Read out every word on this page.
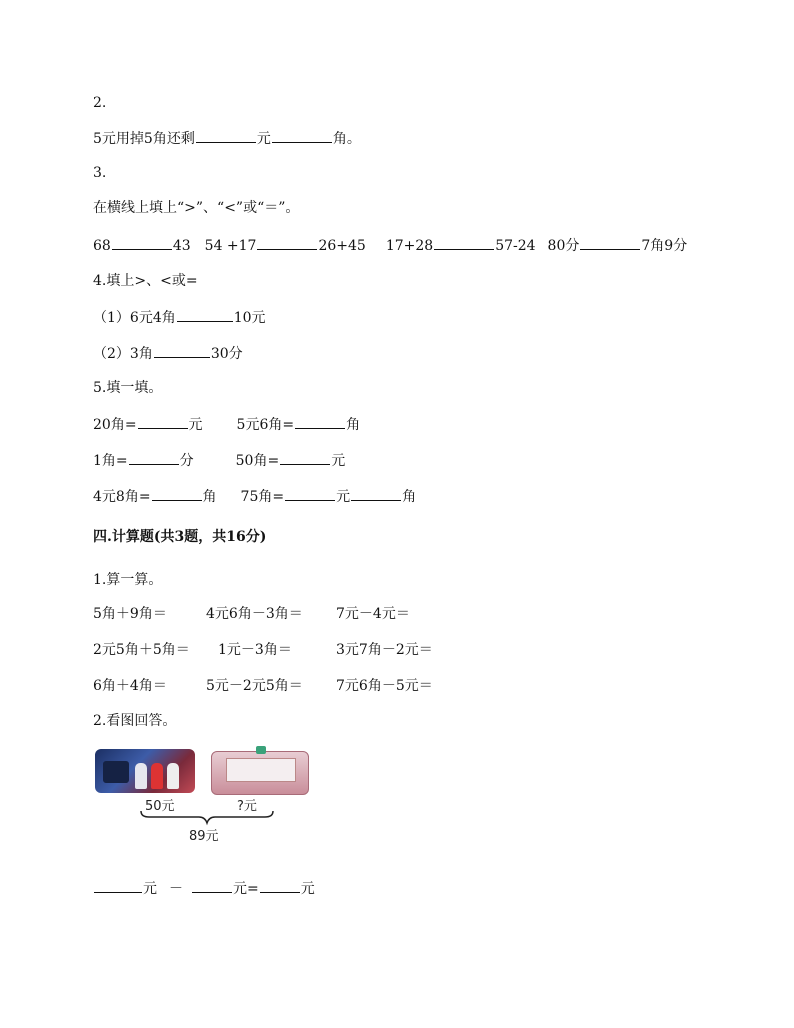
2.
5元用掉5角还剩	元	角。
3.
在横线上填上“>”、“<”或“＝”。
68	43 54 +17	26+45 17+28	57-24 80分	7角9分
4.填上>、<或=
（1）6元4角	10元
（2）3角	30分
5.填一填。
20角=	元 5元6角=	角
1角=	分	50角=	元
4元8角=	角 75角=	元	角
四.计算题(共3题，共16分)
1.算一算。
5角＋9角＝	4元6角－3角＝ 7元－4元＝
2元5角＋5角＝ 1元－3角＝	3元7角－2元＝
6角＋4角＝	5元－2元5角＝ 7元6角－5元＝
2.看图回答。
50元	?元
89元
元 －	元=	元
